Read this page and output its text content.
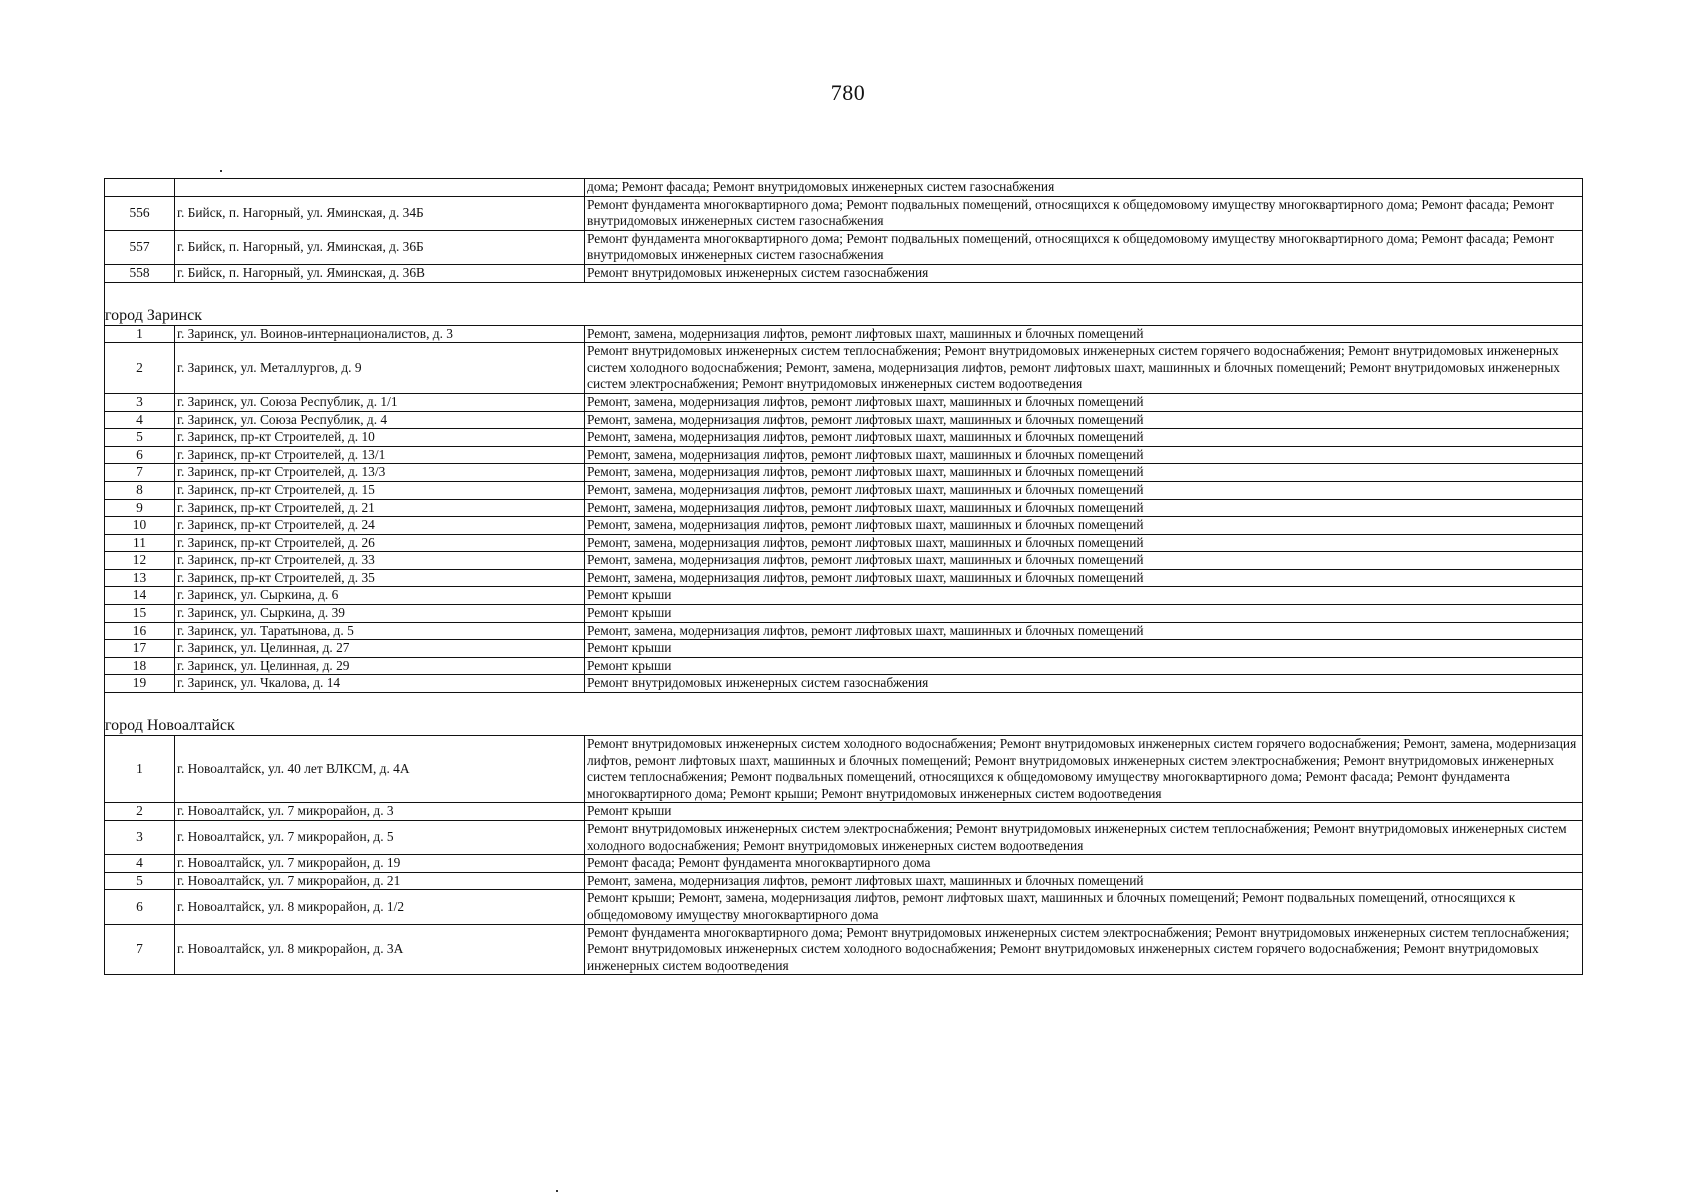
780
		дома; Ремонт фасада; Ремонт внутридомовых инженерных систем газоснабжения
556	г. Бийск, п. Нагорный, ул. Яминская, д. 34Б	Ремонт фундамента многоквартирного дома; Ремонт подвальных помещений, относящихся к общедомовому имуществу многоквартирного дома; Ремонт фасада; Ремонт внутридомовых инженерных систем газоснабжения
557	г. Бийск, п. Нагорный, ул. Яминская, д. 36Б	Ремонт фундамента многоквартирного дома; Ремонт подвальных помещений, относящихся к общедомовому имуществу многоквартирного дома; Ремонт фасада; Ремонт внутридомовых инженерных систем газоснабжения
558	г. Бийск, п. Нагорный, ул. Яминская, д. 36В	Ремонт внутридомовых инженерных систем газоснабжения
город Заринск		
1	г. Заринск, ул. Воинов-интернационалистов, д. 3	Ремонт, замена, модернизация лифтов, ремонт лифтовых шахт, машинных и блочных помещений
2	г. Заринск, ул. Металлургов, д. 9	Ремонт внутридомовых инженерных систем теплоснабжения; Ремонт внутридомовых инженерных систем горячего водоснабжения; Ремонт внутридомовых инженерных систем холодного водоснабжения; Ремонт, замена, модернизация лифтов, ремонт лифтовых шахт, машинных и блочных помещений; Ремонт внутридомовых инженерных систем электроснабжения; Ремонт внутридомовых инженерных систем водоотведения
3	г. Заринск, ул. Союза Республик, д. 1/1	Ремонт, замена, модернизация лифтов, ремонт лифтовых шахт, машинных и блочных помещений
4	г. Заринск, ул. Союза Республик, д. 4	Ремонт, замена, модернизация лифтов, ремонт лифтовых шахт, машинных и блочных помещений
5	г. Заринск, пр-кт Строителей, д. 10	Ремонт, замена, модернизация лифтов, ремонт лифтовых шахт, машинных и блочных помещений
6	г. Заринск, пр-кт Строителей, д. 13/1	Ремонт, замена, модернизация лифтов, ремонт лифтовых шахт, машинных и блочных помещений
7	г. Заринск, пр-кт Строителей, д. 13/3	Ремонт, замена, модернизация лифтов, ремонт лифтовых шахт, машинных и блочных помещений
8	г. Заринск, пр-кт Строителей, д. 15	Ремонт, замена, модернизация лифтов, ремонт лифтовых шахт, машинных и блочных помещений
9	г. Заринск, пр-кт Строителей, д. 21	Ремонт, замена, модернизация лифтов, ремонт лифтовых шахт, машинных и блочных помещений
10	г. Заринск, пр-кт Строителей, д. 24	Ремонт, замена, модернизация лифтов, ремонт лифтовых шахт, машинных и блочных помещений
11	г. Заринск, пр-кт Строителей, д. 26	Ремонт, замена, модернизация лифтов, ремонт лифтовых шахт, машинных и блочных помещений
12	г. Заринск, пр-кт Строителей, д. 33	Ремонт, замена, модернизация лифтов, ремонт лифтовых шахт, машинных и блочных помещений
13	г. Заринск, пр-кт Строителей, д. 35	Ремонт, замена, модернизация лифтов, ремонт лифтовых шахт, машинных и блочных помещений
14	г. Заринск, ул. Сыркина, д. 6	Ремонт крыши
15	г. Заринск, ул. Сыркина, д. 39	Ремонт крыши
16	г. Заринск, ул. Таратынова, д. 5	Ремонт, замена, модернизация лифтов, ремонт лифтовых шахт, машинных и блочных помещений
17	г. Заринск, ул. Целинная, д. 27	Ремонт крыши
18	г. Заринск, ул. Целинная, д. 29	Ремонт крыши
19	г. Заринск, ул. Чкалова, д. 14	Ремонт внутридомовых инженерных систем газоснабжения
город Новоалтайск		
1	г. Новоалтайск, ул. 40 лет ВЛКСМ, д. 4А	Ремонт внутридомовых инженерных систем холодного водоснабжения; Ремонт внутридомовых инженерных систем горячего водоснабжения; Ремонт, замена, модернизация лифтов, ремонт лифтовых шахт, машинных и блочных помещений; Ремонт внутридомовых инженерных систем электроснабжения; Ремонт внутридомовых инженерных систем теплоснабжения; Ремонт подвальных помещений, относящихся к общедомовому имуществу многоквартирного дома; Ремонт фасада; Ремонт фундамента многоквартирного дома; Ремонт крыши; Ремонт внутридомовых инженерных систем водоотведения
2	г. Новоалтайск, ул. 7 микрорайон, д. 3	Ремонт крыши
3	г. Новоалтайск, ул. 7 микрорайон, д. 5	Ремонт внутридомовых инженерных систем электроснабжения; Ремонт внутридомовых инженерных систем теплоснабжения; Ремонт внутридомовых инженерных систем холодного водоснабжения; Ремонт внутридомовых инженерных систем водоотведения
4	г. Новоалтайск, ул. 7 микрорайон, д. 19	Ремонт фасада; Ремонт фундамента многоквартирного дома
5	г. Новоалтайск, ул. 7 микрорайон, д. 21	Ремонт, замена, модернизация лифтов, ремонт лифтовых шахт, машинных и блочных помещений
6	г. Новоалтайск, ул. 8 микрорайон, д. 1/2	Ремонт крыши; Ремонт, замена, модернизация лифтов, ремонт лифтовых шахт, машинных и блочных помещений; Ремонт подвальных помещений, относящихся к общедомовому имуществу многоквартирного дома
7	г. Новоалтайск, ул. 8 микрорайон, д. 3А	Ремонт фундамента многоквартирного дома; Ремонт внутридомовых инженерных систем электроснабжения; Ремонт внутридомовых инженерных систем теплоснабжения; Ремонт внутридомовых инженерных систем холодного водоснабжения; Ремонт внутридомовых инженерных систем горячего водоснабжения; Ремонт внутридомовых инженерных систем водоотведения
